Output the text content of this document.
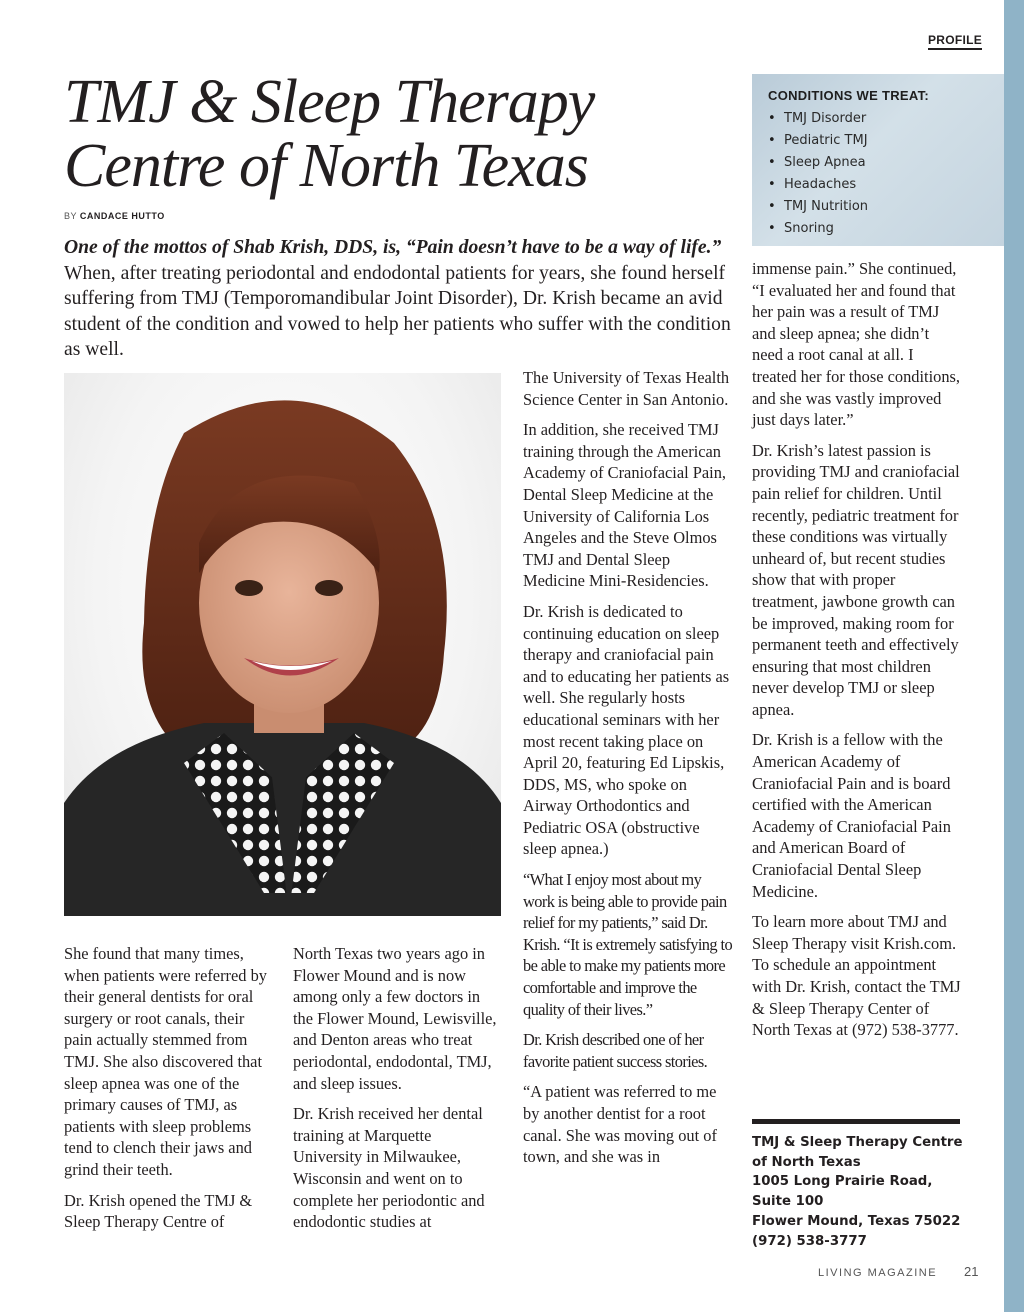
PROFILE
TMJ & Sleep Therapy
Centre of North Texas
BY CANDACE HUTTO

One of the mottos of Shab Krish, DDS, is, “Pain doesn’t have to be a way of life.” When, after treating periodontal and endodontal patients for years, she found herself suffering from TMJ (Temporomandibular Joint Disorder), Dr. Krish became an avid student of the condition and vowed to help her patients who suffer with the condition as well.

CONDITIONS WE TREAT:
• TMJ Disorder
• Pediatric TMJ
• Sleep Apnea
• Headaches
• TMJ Nutrition
• Snoring

She found that many times, when patients were referred by their general dentists for oral surgery or root canals, their pain actually stemmed from TMJ. She also discovered that sleep apnea was one of the primary causes of TMJ, as patients with sleep problems tend to clench their jaws and grind their teeth.

Dr. Krish opened the TMJ & Sleep Therapy Centre of

North Texas two years ago in Flower Mound and is now among only a few doctors in the Flower Mound, Lewisville, and Denton areas who treat periodontal, endodontal, TMJ, and sleep issues.

Dr. Krish received her dental training at Marquette University in Milwaukee, Wisconsin and went on to complete her periodontic and endodontic studies at

The University of Texas Health Science Center in San Antonio.

In addition, she received TMJ training through the American Academy of Craniofacial Pain, Dental Sleep Medicine at the University of California Los Angeles and the Steve Olmos TMJ and Dental Sleep Medicine Mini-Residencies.

Dr. Krish is dedicated to continuing education on sleep therapy and craniofacial pain and to educating her patients as well. She regularly hosts educational seminars with her most recent taking place on April 20, featuring Ed Lipskis, DDS, MS, who spoke on Airway Orthodontics and Pediatric OSA (obstructive sleep apnea.)

“What I enjoy most about my work is being able to provide pain relief for my patients,” said Dr. Krish. “It is extremely satisfying to be able to make my patients more comfortable and improve the quality of their lives.”

Dr. Krish described one of her favorite patient success stories.

“A patient was referred to me by another dentist for a root canal. She was moving out of town, and she was in

immense pain.” She continued, “I evaluated her and found that her pain was a result of TMJ and sleep apnea; she didn’t need a root canal at all. I treated her for those conditions, and she was vastly improved just days later.”

Dr. Krish’s latest passion is providing TMJ and craniofacial pain relief for children. Until recently, pediatric treatment for these conditions was virtually unheard of, but recent studies show that with proper treatment, jawbone growth can be improved, making room for permanent teeth and effectively ensuring that most children never develop TMJ or sleep apnea.

Dr. Krish is a fellow with the American Academy of Craniofacial Pain and is board certified with the American Academy of Craniofacial Pain and American Board of Craniofacial Dental Sleep Medicine.

To learn more about TMJ and Sleep Therapy visit Krish.com. To schedule an appointment with Dr. Krish, contact the TMJ & Sleep Therapy Center of North Texas at (972) 538-3777.

TMJ & Sleep Therapy Centre
of North Texas
1005 Long Prairie Road,
Suite 100
Flower Mound, Texas 75022
(972) 538-3777
LIVING MAGAZINE 21
